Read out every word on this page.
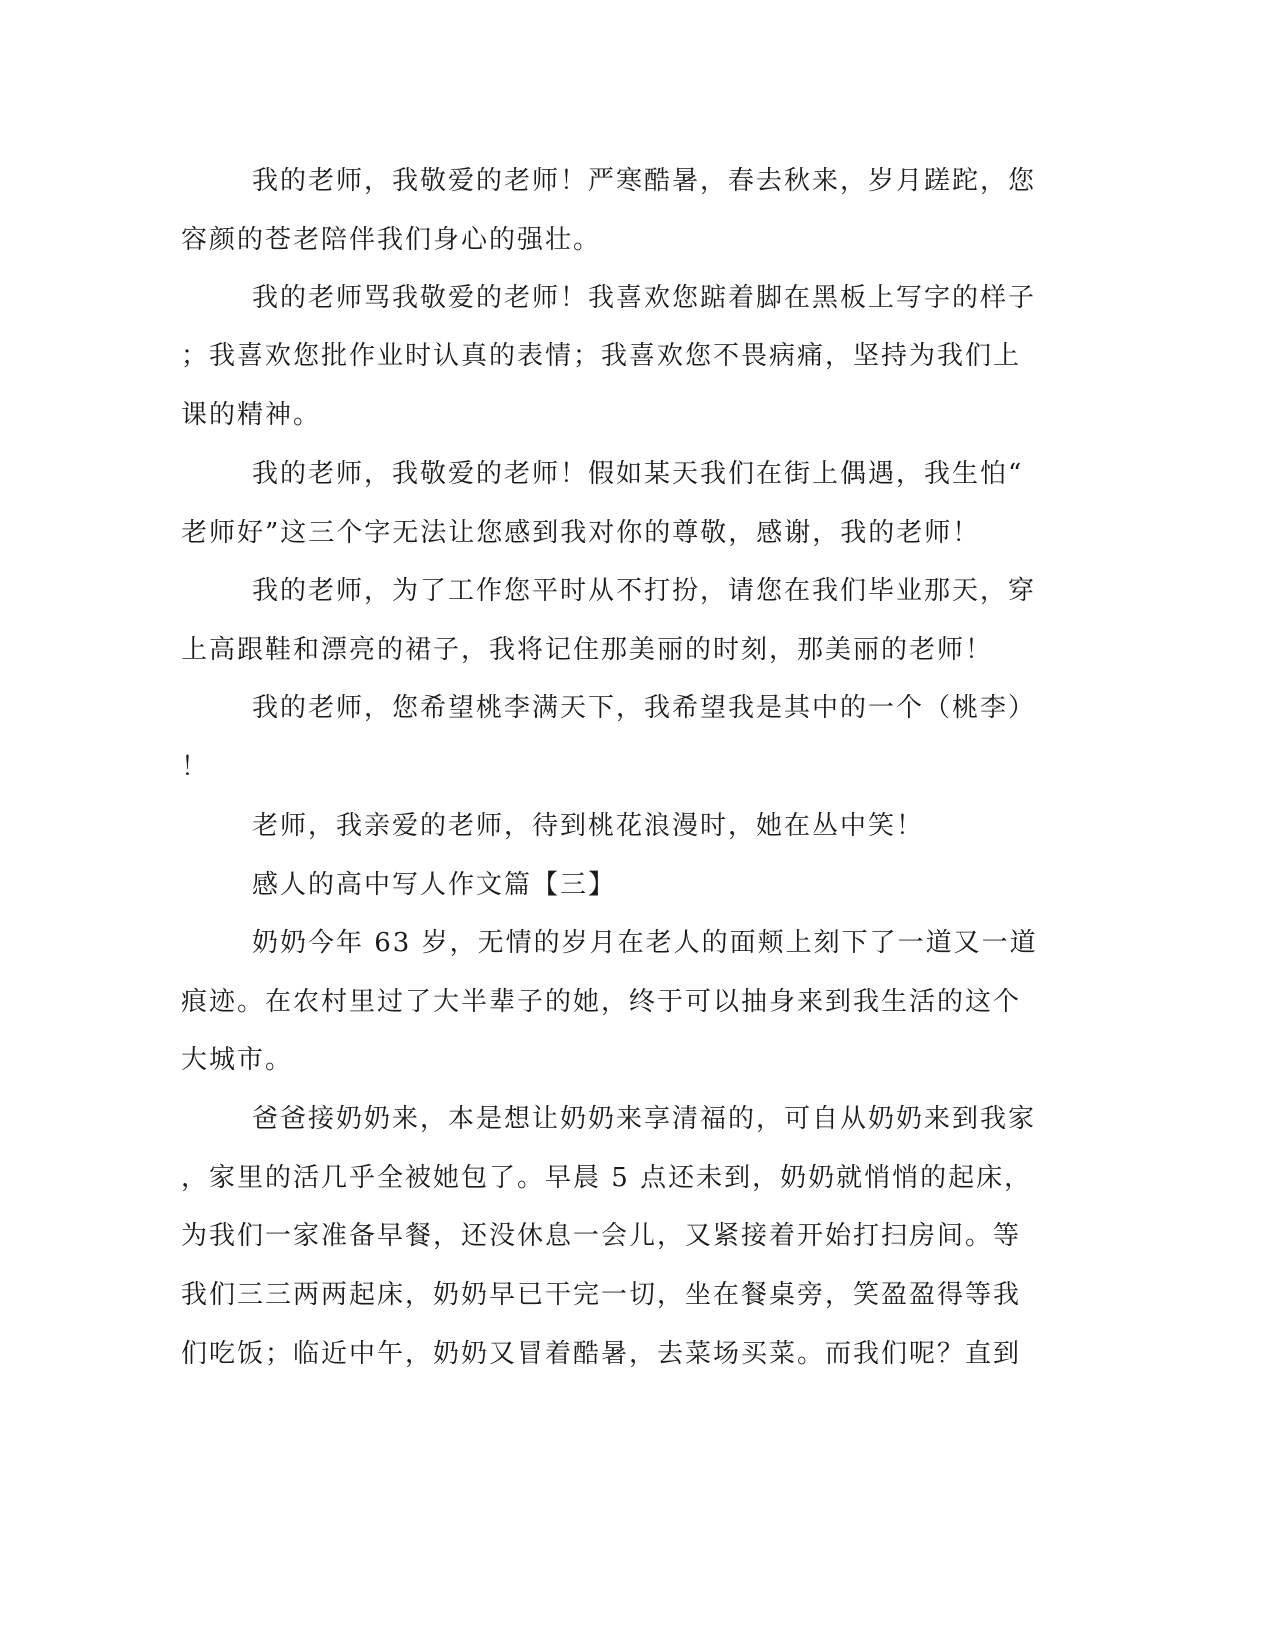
我的老师，我敬爱的老师！严寒酷暑，春去秋来，岁月蹉跎，您
容颜的苍老陪伴我们身心的强壮。
我的老师骂我敬爱的老师！我喜欢您踮着脚在黑板上写字的样子
；我喜欢您批作业时认真的表情；我喜欢您不畏病痛，坚持为我们上
课的精神。
我的老师，我敬爱的老师！假如某天我们在街上偶遇，我生怕“
老师好”这三个字无法让您感到我对你的尊敬，感谢，我的老师！
我的老师，为了工作您平时从不打扮，请您在我们毕业那天，穿
上高跟鞋和漂亮的裙子，我将记住那美丽的时刻，那美丽的老师！
我的老师，您希望桃李满天下，我希望我是其中的一个（桃李）
！
老师，我亲爱的老师，待到桃花浪漫时，她在丛中笑！
感人的高中写人作文篇【三】
奶奶今年 63 岁，无情的岁月在老人的面颊上刻下了一道又一道
痕迹。在农村里过了大半辈子的她，终于可以抽身来到我生活的这个
大城市。
爸爸接奶奶来，本是想让奶奶来享清福的，可自从奶奶来到我家
，家里的活几乎全被她包了。早晨 5 点还未到，奶奶就悄悄的起床，
为我们一家准备早餐，还没休息一会儿，又紧接着开始打扫房间。等
我们三三两两起床，奶奶早已干完一切，坐在餐桌旁，笑盈盈得等我
们吃饭；临近中午，奶奶又冒着酷暑，去菜场买菜。而我们呢？直到
